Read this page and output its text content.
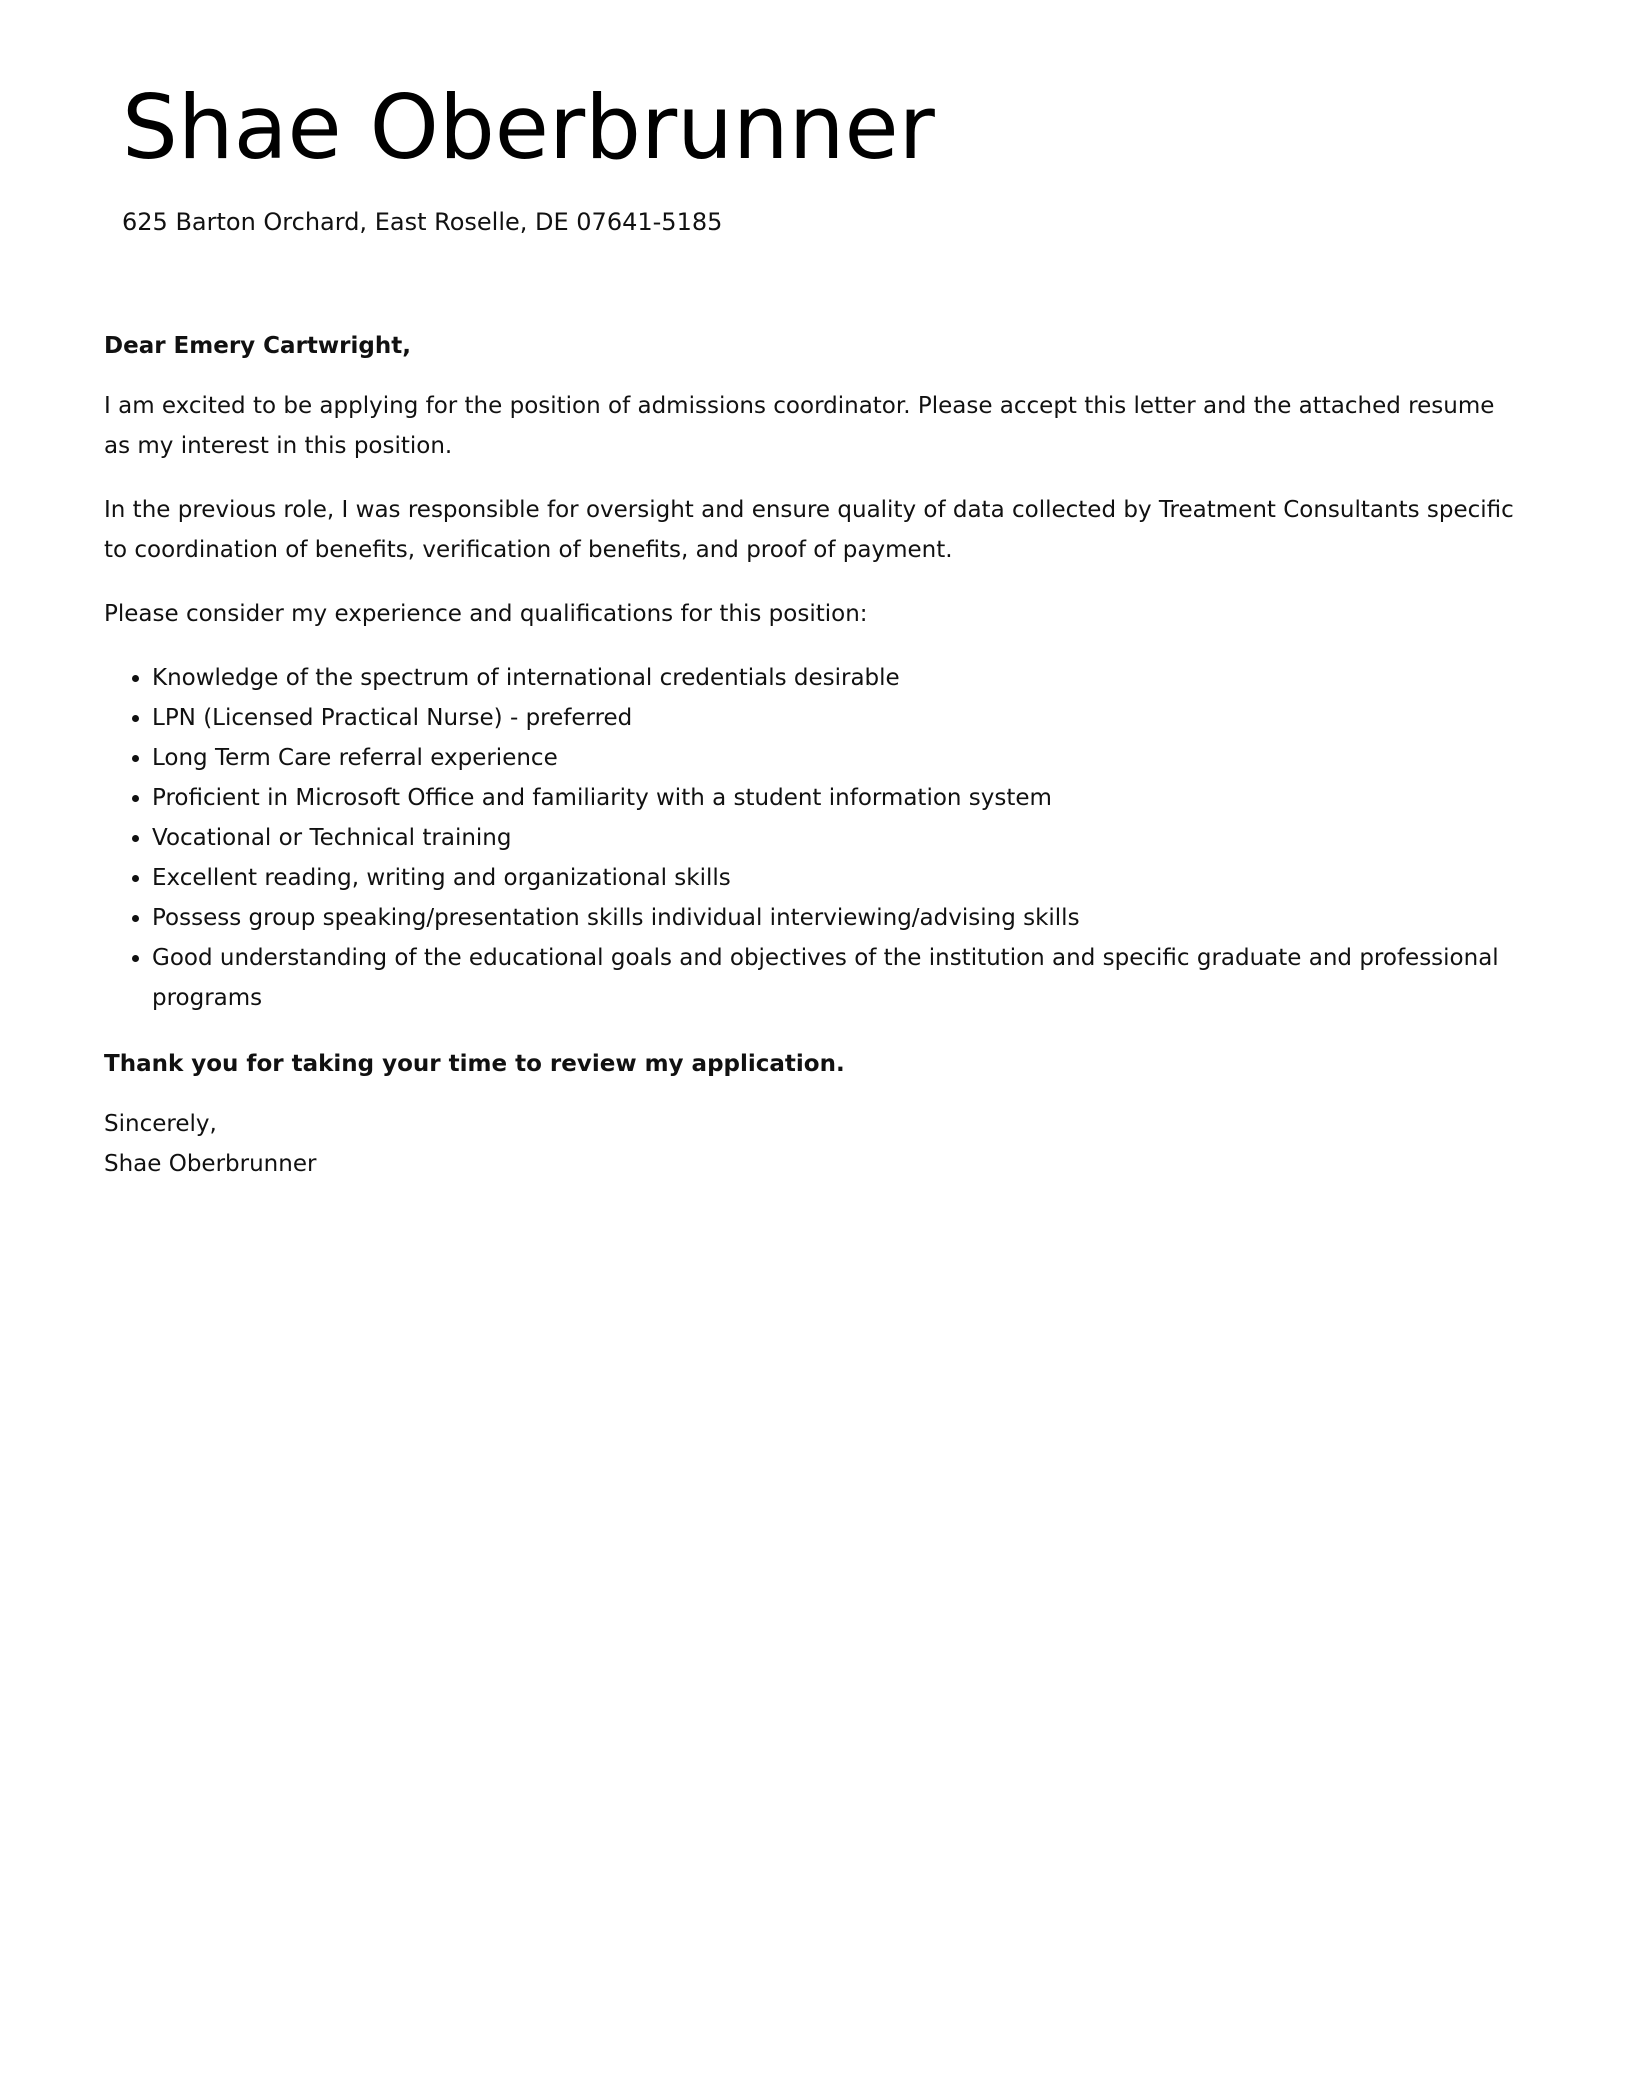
Shae Oberbrunner

625 Barton Orchard, East Roselle, DE 07641-5185

Dear Emery Cartwright,

I am excited to be applying for the position of admissions coordinator. Please accept this letter and the attached resume as my interest in this position.

In the previous role, I was responsible for oversight and ensure quality of data collected by Treatment Consultants specific to coordination of benefits, verification of benefits, and proof of payment.

Please consider my experience and qualifications for this position:

• Knowledge of the spectrum of international credentials desirable
• LPN (Licensed Practical Nurse) - preferred
• Long Term Care referral experience
• Proficient in Microsoft Office and familiarity with a student information system
• Vocational or Technical training
• Excellent reading, writing and organizational skills
• Possess group speaking/presentation skills individual interviewing/advising skills
• Good understanding of the educational goals and objectives of the institution and specific graduate and professional programs

Thank you for taking your time to review my application.

Sincerely,

Shae Oberbrunner
